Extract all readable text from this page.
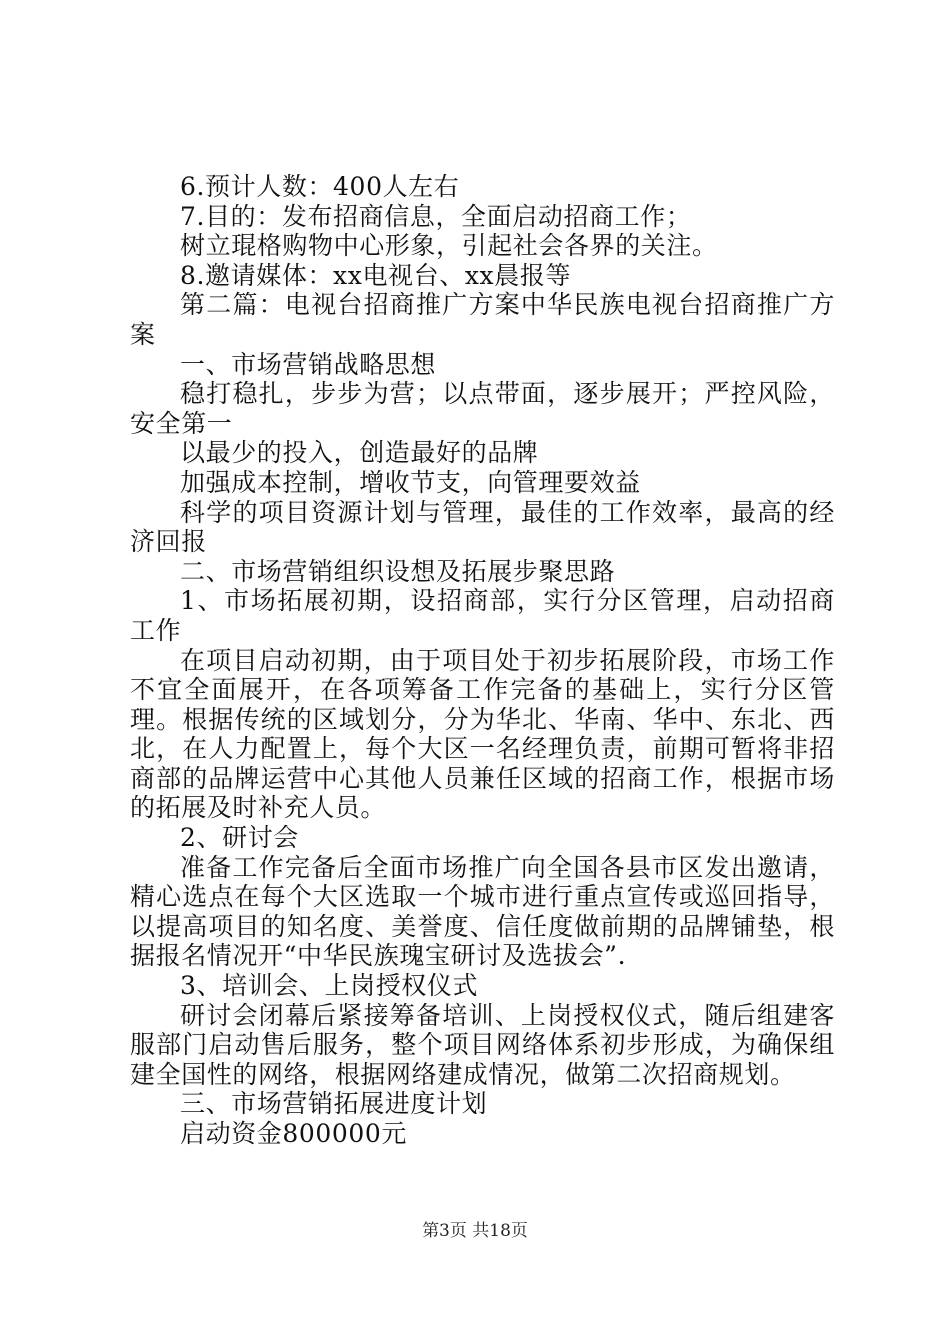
6.预计人数：400人左右

7.目的：发布招商信息，全面启动招商工作；

树立琨格购物中心形象，引起社会各界的关注。

8.邀请媒体：xx电视台、xx晨报等

第二篇：电视台招商推广方案中华民族电视台招商推广方案

一、市场营销战略思想

稳打稳扎，步步为营；以点带面，逐步展开；严控风险，安全第一

以最少的投入，创造最好的品牌

加强成本控制，增收节支，向管理要效益

科学的项目资源计划与管理，最佳的工作效率，最高的经济回报

二、市场营销组织设想及拓展步聚思路

1、市场拓展初期，设招商部，实行分区管理，启动招商工作

在项目启动初期，由于项目处于初步拓展阶段，市场工作不宜全面展开，在各项筹备工作完备的基础上，实行分区管理。根据传统的区域划分，分为华北、华南、华中、东北、西北，在人力配置上，每个大区一名经理负责，前期可暂将非招商部的品牌运营中心其他人员兼任区域的招商工作，根据市场的拓展及时补充人员。

2、研讨会

准备工作完备后全面市场推广向全国各县市区发出邀请，精心选点在每个大区选取一个城市进行重点宣传或巡回指导，以提高项目的知名度、美誉度、信任度做前期的品牌铺垫，根据报名情况开“中华民族瑰宝研讨及选拔会”.

3、培训会、上岗授权仪式

研讨会闭幕后紧接筹备培训、上岗授权仪式，随后组建客服部门启动售后服务，整个项目网络体系初步形成，为确保组建全国性的网络，根据网络建成情况，做第二次招商规划。

三、市场营销拓展进度计划

启动资金800000元

第3页 共18页
